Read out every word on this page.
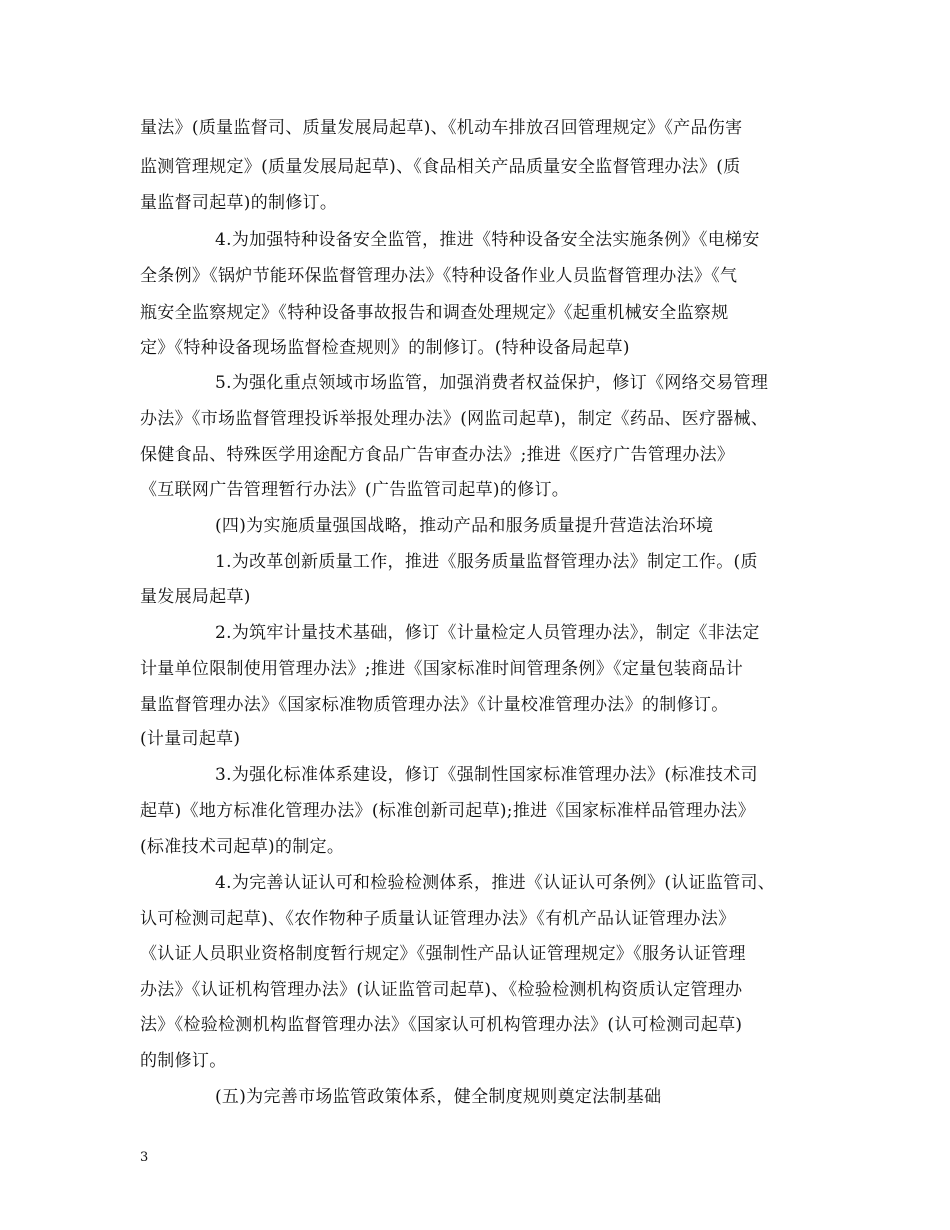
量法》(质量监督司、质量发展局起草)、《机动车排放召回管理规定》《产品伤害
监测管理规定》(质量发展局起草)、《食品相关产品质量安全监督管理办法》(质
量监督司起草)的制修订。
4.为加强特种设备安全监管，推进《特种设备安全法实施条例》《电梯安
全条例》《锅炉节能环保监督管理办法》《特种设备作业人员监督管理办法》《气
瓶安全监察规定》《特种设备事故报告和调查处理规定》《起重机械安全监察规
定》《特种设备现场监督检查规则》的制修订。(特种设备局起草)
5.为强化重点领域市场监管，加强消费者权益保护，修订《网络交易管理
办法》《市场监督管理投诉举报处理办法》(网监司起草)，制定《药品、医疗器械、
保健食品、特殊医学用途配方食品广告审查办法》;推进《医疗广告管理办法》
《互联网广告管理暂行办法》(广告监管司起草)的修订。
(四)为实施质量强国战略，推动产品和服务质量提升营造法治环境
1.为改革创新质量工作，推进《服务质量监督管理办法》制定工作。(质
量发展局起草)
2.为筑牢计量技术基础，修订《计量检定人员管理办法》，制定《非法定
计量单位限制使用管理办法》;推进《国家标准时间管理条例》《定量包装商品计
量监督管理办法》《国家标准物质管理办法》《计量校准管理办法》的制修订。
(计量司起草)
3.为强化标准体系建设，修订《强制性国家标准管理办法》(标准技术司
起草)《地方标准化管理办法》(标准创新司起草);推进《国家标准样品管理办法》
(标准技术司起草)的制定。
4.为完善认证认可和检验检测体系，推进《认证认可条例》(认证监管司、
认可检测司起草)、《农作物种子质量认证管理办法》《有机产品认证管理办法》
《认证人员职业资格制度暂行规定》《强制性产品认证管理规定》《服务认证管理
办法》《认证机构管理办法》(认证监管司起草)、《检验检测机构资质认定管理办
法》《检验检测机构监督管理办法》《国家认可机构管理办法》(认可检测司起草)
的制修订。
(五)为完善市场监管政策体系，健全制度规则奠定法制基础
3
